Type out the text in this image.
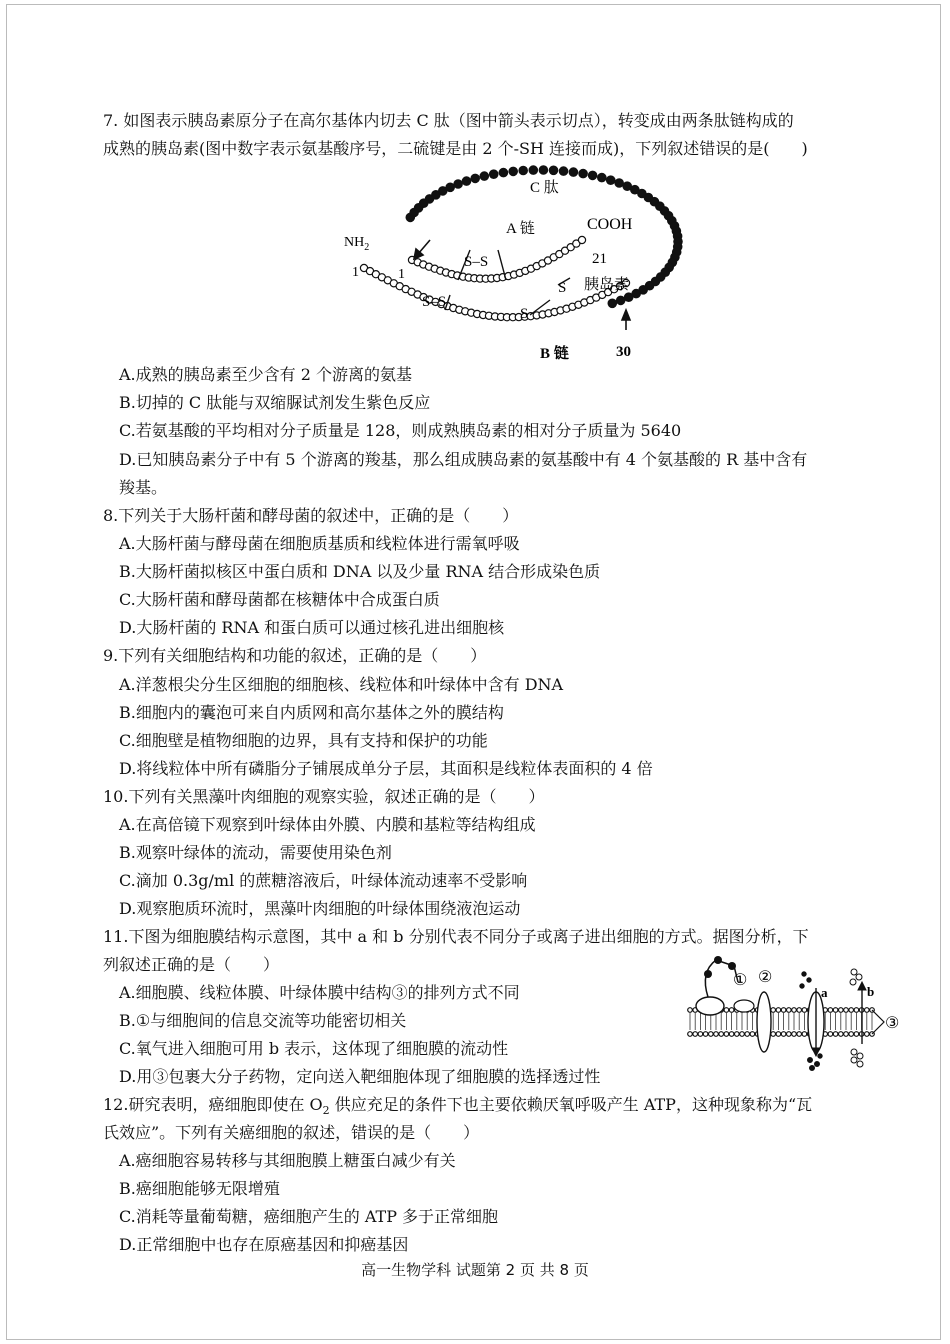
7. 如图表示胰岛素原分子在高尔基体内切去 C 肽（图中箭头表示切点），转变成由两条肽链构成的
成熟的胰岛素(图中数字表示氨基酸序号，二硫键是由 2 个-SH 连接而成)，下列叙述错误的是(　　)
C 肽
A 链	COOH
$NH_2$
1	1
S–S
S–S
S
S
21
胰岛素
B 链	30
A.成熟的胰岛素至少含有 2 个游离的氨基
B.切掉的 C 肽能与双缩脲试剂发生紫色反应
C.若氨基酸的平均相对分子质量是 128，则成熟胰岛素的相对分子质量为 5640
D.已知胰岛素分子中有 5 个游离的羧基，那么组成胰岛素的氨基酸中有 4 个氨基酸的 R 基中含有
羧基。
8.下列关于大肠杆菌和酵母菌的叙述中，正确的是（　　）
A.大肠杆菌与酵母菌在细胞质基质和线粒体进行需氧呼吸
B.大肠杆菌拟核区中蛋白质和 DNA 以及少量 RNA 结合形成染色质
C.大肠杆菌和酵母菌都在核糖体中合成蛋白质
D.大肠杆菌的 RNA 和蛋白质可以通过核孔进出细胞核
9.下列有关细胞结构和功能的叙述，正确的是（　　）
A.洋葱根尖分生区细胞的细胞核、线粒体和叶绿体中含有 DNA
B.细胞内的囊泡可来自内质网和高尔基体之外的膜结构
C.细胞壁是植物细胞的边界，具有支持和保护的功能
D.将线粒体中所有磷脂分子铺展成单分子层，其面积是线粒体表面积的 4 倍
10.下列有关黑藻叶肉细胞的观察实验，叙述正确的是（　　）
A.在高倍镜下观察到叶绿体由外膜、内膜和基粒等结构组成
B.观察叶绿体的流动，需要使用染色剂
C.滴加 0.3g/ml 的蔗糖溶液后，叶绿体流动速率不受影响
D.观察胞质环流时，黑藻叶肉细胞的叶绿体围绕液泡运动
11.下图为细胞膜结构示意图，其中 a 和 b 分别代表不同分子或离子进出细胞的方式。据图分析，下
列叙述正确的是（　　）
A.细胞膜、线粒体膜、叶绿体膜中结构③的排列方式不同
B.①与细胞间的信息交流等功能密切相关
C.氧气进入细胞可用 b 表示，这体现了细胞膜的流动性
D.用③包裹大分子药物，定向送入靶细胞体现了细胞膜的选择透过性
① ②
③
a	b
12.研究表明，癌细胞即使在 $O_2$ 供应充足的条件下也主要依赖厌氧呼吸产生 ATP，这种现象称为“瓦
氏效应”。下列有关癌细胞的叙述，错误的是（　　）
A.癌细胞容易转移与其细胞膜上糖蛋白减少有关
B.癌细胞能够无限增殖
C.消耗等量葡萄糖，癌细胞产生的 ATP 多于正常细胞
D.正常细胞中也存在原癌基因和抑癌基因
高一生物学科 试题第 2 页 共 8 页
